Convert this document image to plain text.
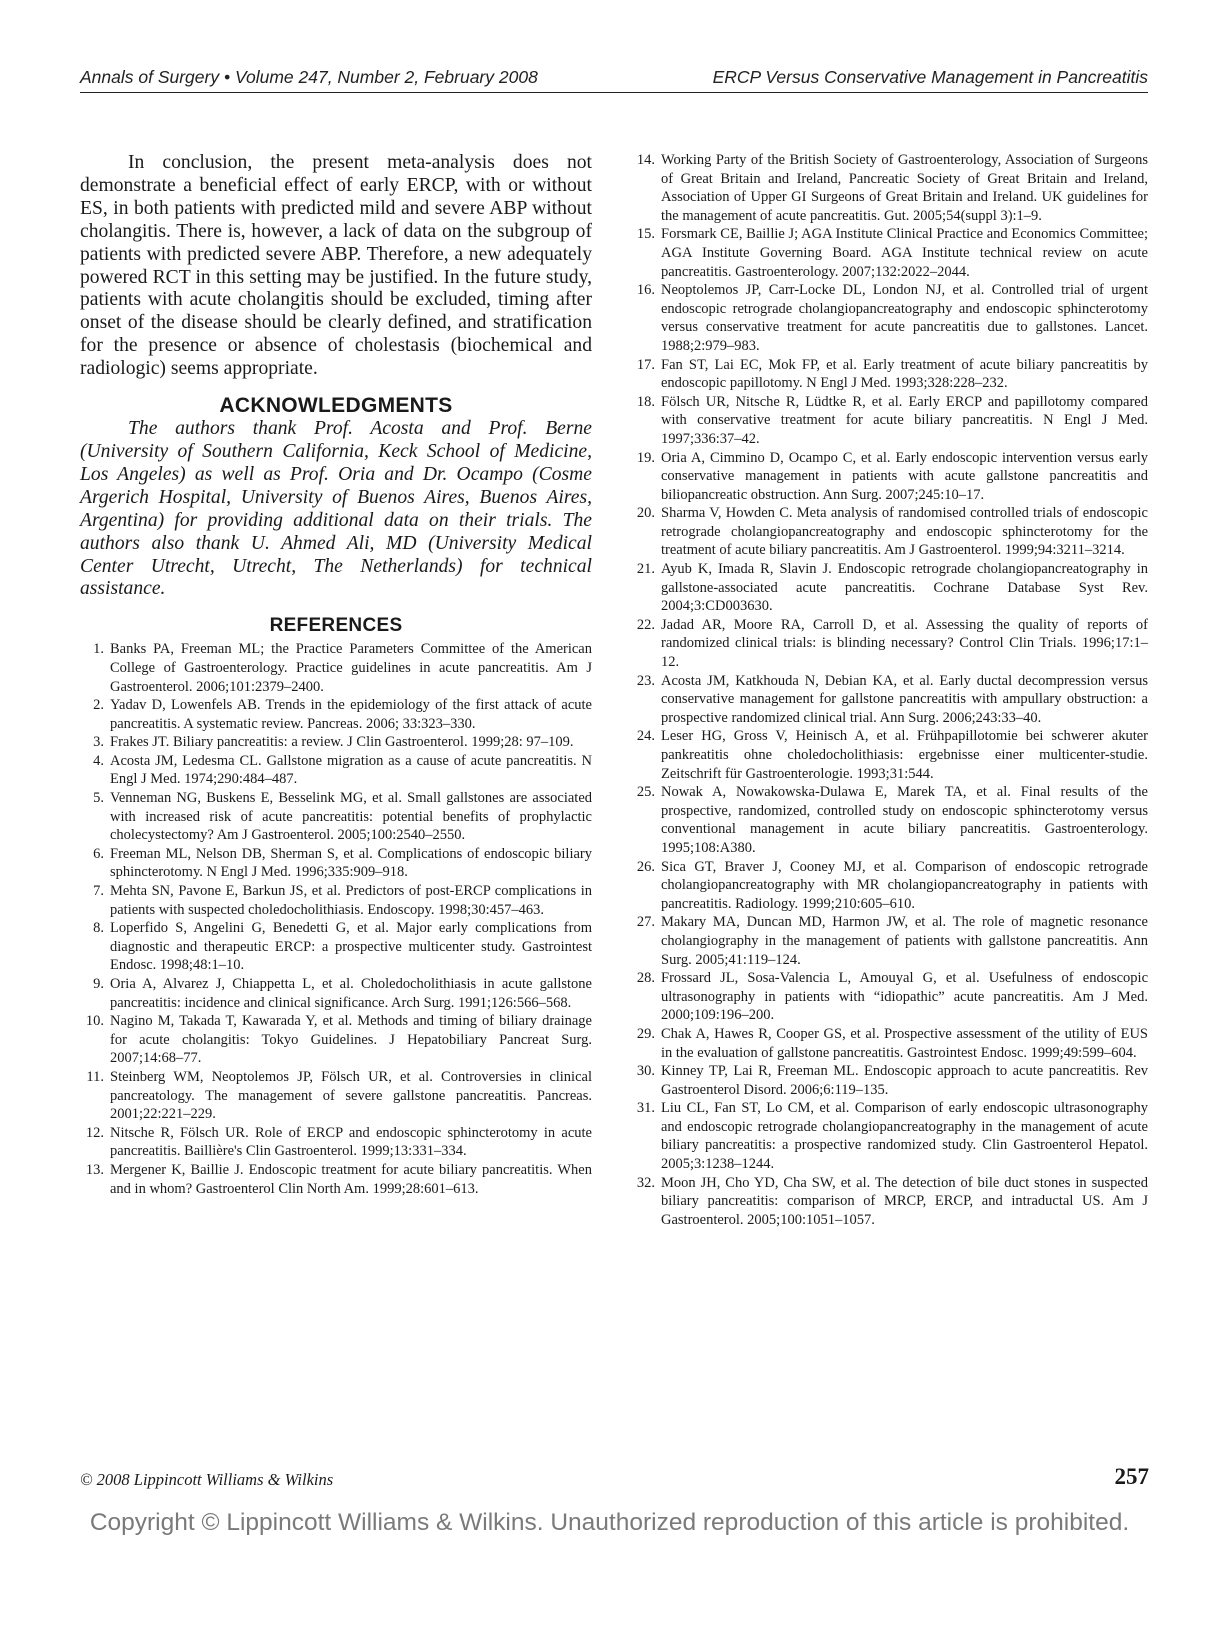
Annals of Surgery • Volume 247, Number 2, February 2008	ERCP Versus Conservative Management in Pancreatitis

In conclusion, the present meta-analysis does not demonstrate a beneficial effect of early ERCP, with or without ES, in both patients with predicted mild and severe ABP without cholangitis. There is, however, a lack of data on the subgroup of patients with predicted severe ABP. Therefore, a new adequately powered RCT in this setting may be justified. In the future study, patients with acute cholangitis should be excluded, timing after onset of the disease should be clearly defined, and stratification for the presence or absence of cholestasis (biochemical and radiologic) seems appropriate.

ACKNOWLEDGMENTS

The authors thank Prof. Acosta and Prof. Berne (University of Southern California, Keck School of Medicine, Los Angeles) as well as Prof. Oria and Dr. Ocampo (Cosme Argerich Hospital, University of Buenos Aires, Buenos Aires, Argentina) for providing additional data on their trials. The authors also thank U. Ahmed Ali, MD (University Medical Center Utrecht, Utrecht, The Netherlands) for technical assistance.

REFERENCES
1. Banks PA, Freeman ML; the Practice Parameters Committee of the American College of Gastroenterology. Practice guidelines in acute pancreatitis. Am J Gastroenterol. 2006;101:2379–2400.
2. Yadav D, Lowenfels AB. Trends in the epidemiology of the first attack of acute pancreatitis. A systematic review. Pancreas. 2006; 33:323–330.
3. Frakes JT. Biliary pancreatitis: a review. J Clin Gastroenterol. 1999;28: 97–109.
4. Acosta JM, Ledesma CL. Gallstone migration as a cause of acute pancreatitis. N Engl J Med. 1974;290:484–487.
5. Venneman NG, Buskens E, Besselink MG, et al. Small gallstones are associated with increased risk of acute pancreatitis: potential benefits of prophylactic cholecystectomy? Am J Gastroenterol. 2005;100:2540–2550.
6. Freeman ML, Nelson DB, Sherman S, et al. Complications of endoscopic biliary sphincterotomy. N Engl J Med. 1996;335:909–918.
7. Mehta SN, Pavone E, Barkun JS, et al. Predictors of post-ERCP complications in patients with suspected choledocholithiasis. Endoscopy. 1998;30:457–463.
8. Loperfido S, Angelini G, Benedetti G, et al. Major early complications from diagnostic and therapeutic ERCP: a prospective multicenter study. Gastrointest Endosc. 1998;48:1–10.
9. Oria A, Alvarez J, Chiappetta L, et al. Choledocholithiasis in acute gallstone pancreatitis: incidence and clinical significance. Arch Surg. 1991;126:566–568.
10. Nagino M, Takada T, Kawarada Y, et al. Methods and timing of biliary drainage for acute cholangitis: Tokyo Guidelines. J Hepatobiliary Pancreat Surg. 2007;14:68–77.
11. Steinberg WM, Neoptolemos JP, Fölsch UR, et al. Controversies in clinical pancreatology. The management of severe gallstone pancreatitis. Pancreas. 2001;22:221–229.
12. Nitsche R, Fölsch UR. Role of ERCP and endoscopic sphincterotomy in acute pancreatitis. Baillière's Clin Gastroenterol. 1999;13:331–334.
13. Mergener K, Baillie J. Endoscopic treatment for acute biliary pancreatitis. When and in whom? Gastroenterol Clin North Am. 1999;28:601–613.
14. Working Party of the British Society of Gastroenterology, Association of Surgeons of Great Britain and Ireland, Pancreatic Society of Great Britain and Ireland, Association of Upper GI Surgeons of Great Britain and Ireland. UK guidelines for the management of acute pancreatitis. Gut. 2005;54(suppl 3):1–9.
15. Forsmark CE, Baillie J; AGA Institute Clinical Practice and Economics Committee; AGA Institute Governing Board. AGA Institute technical review on acute pancreatitis. Gastroenterology. 2007;132:2022–2044.
16. Neoptolemos JP, Carr-Locke DL, London NJ, et al. Controlled trial of urgent endoscopic retrograde cholangiopancreatography and endoscopic sphincterotomy versus conservative treatment for acute pancreatitis due to gallstones. Lancet. 1988;2:979–983.
17. Fan ST, Lai EC, Mok FP, et al. Early treatment of acute biliary pancreatitis by endoscopic papillotomy. N Engl J Med. 1993;328:228–232.
18. Fölsch UR, Nitsche R, Lüdtke R, et al. Early ERCP and papillotomy compared with conservative treatment for acute biliary pancreatitis. N Engl J Med. 1997;336:37–42.
19. Oria A, Cimmino D, Ocampo C, et al. Early endoscopic intervention versus early conservative management in patients with acute gallstone pancreatitis and biliopancreatic obstruction. Ann Surg. 2007;245:10–17.
20. Sharma V, Howden C. Meta analysis of randomised controlled trials of endoscopic retrograde cholangiopancreatography and endoscopic sphincterotomy for the treatment of acute biliary pancreatitis. Am J Gastroenterol. 1999;94:3211–3214.
21. Ayub K, Imada R, Slavin J. Endoscopic retrograde cholangiopancreatography in gallstone-associated acute pancreatitis. Cochrane Database Syst Rev. 2004;3:CD003630.
22. Jadad AR, Moore RA, Carroll D, et al. Assessing the quality of reports of randomized clinical trials: is blinding necessary? Control Clin Trials. 1996;17:1–12.
23. Acosta JM, Katkhouda N, Debian KA, et al. Early ductal decompression versus conservative management for gallstone pancreatitis with ampullary obstruction: a prospective randomized clinical trial. Ann Surg. 2006;243:33–40.
24. Leser HG, Gross V, Heinisch A, et al. Frühpapillotomie bei schwerer akuter pankreatitis ohne choledocholithiasis: ergebnisse einer multicenter-studie. Zeitschrift für Gastroenterologie. 1993;31:544.
25. Nowak A, Nowakowska-Dulawa E, Marek TA, et al. Final results of the prospective, randomized, controlled study on endoscopic sphincterotomy versus conventional management in acute biliary pancreatitis. Gastroenterology. 1995;108:A380.
26. Sica GT, Braver J, Cooney MJ, et al. Comparison of endoscopic retrograde cholangiopancreatography with MR cholangiopancreatography in patients with pancreatitis. Radiology. 1999;210:605–610.
27. Makary MA, Duncan MD, Harmon JW, et al. The role of magnetic resonance cholangiography in the management of patients with gallstone pancreatitis. Ann Surg. 2005;41:119–124.
28. Frossard JL, Sosa-Valencia L, Amouyal G, et al. Usefulness of endoscopic ultrasonography in patients with “idiopathic” acute pancreatitis. Am J Med. 2000;109:196–200.
29. Chak A, Hawes R, Cooper GS, et al. Prospective assessment of the utility of EUS in the evaluation of gallstone pancreatitis. Gastrointest Endosc. 1999;49:599–604.
30. Kinney TP, Lai R, Freeman ML. Endoscopic approach to acute pancreatitis. Rev Gastroenterol Disord. 2006;6:119–135.
31. Liu CL, Fan ST, Lo CM, et al. Comparison of early endoscopic ultrasonography and endoscopic retrograde cholangiopancreatography in the management of acute biliary pancreatitis: a prospective randomized study. Clin Gastroenterol Hepatol. 2005;3:1238–1244.
32. Moon JH, Cho YD, Cha SW, et al. The detection of bile duct stones in suspected biliary pancreatitis: comparison of MRCP, ERCP, and intraductal US. Am J Gastroenterol. 2005;100:1051–1057.
© 2008 Lippincott Williams & Wilkins	257
Copyright © Lippincott Williams & Wilkins. Unauthorized reproduction of this article is prohibited.
